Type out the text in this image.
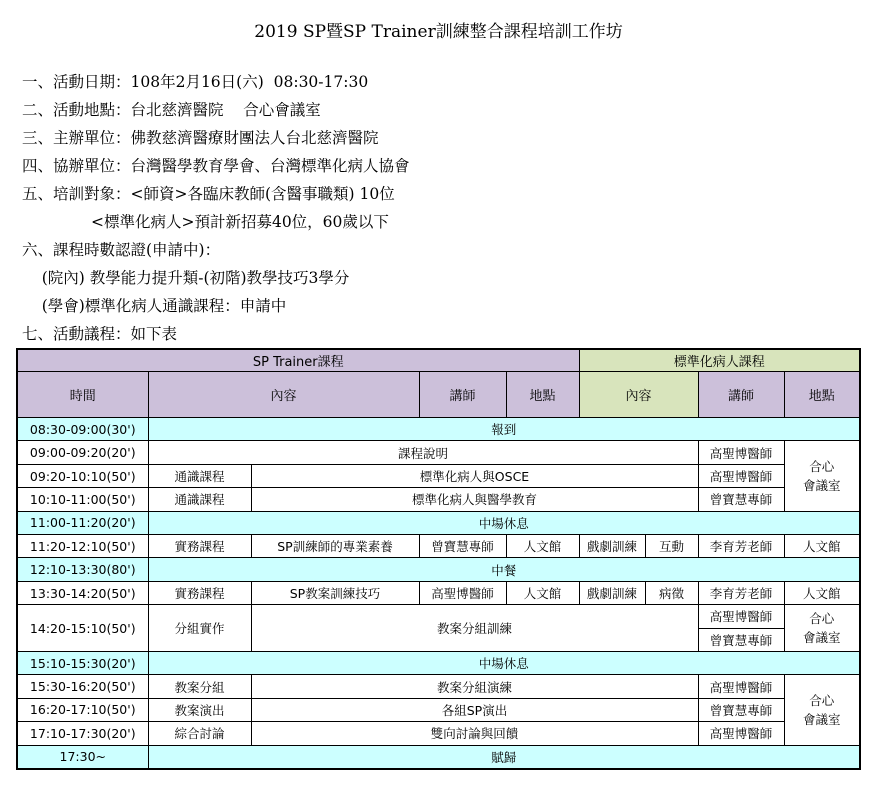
2019 SP暨SP Trainer訓練整合課程培訓工作坊
一、活動日期：108年2月16日(六)  08:30-17:30
二、活動地點：台北慈濟醫院    合心會議室
三、主辦單位：佛教慈濟醫療財團法人台北慈濟醫院
四、協辦單位：台灣醫學教育學會、台灣標準化病人協會
五、培訓對象：<師資>各臨床教師(含醫事職類) 10位
<標準化病人>預計新招募40位，60歲以下
六、課程時數認證(申請中)：
(院內) 教學能力提升類-(初階)教學技巧3學分
(學會)標準化病人通識課程：申請中
七、活動議程：如下表
SP Trainer課程					標準化病人課程			
時間	內容		講師	地點	內容		講師	地點
08:30-09:00(30')	報到							
09:00-09:20(20')	課程說明						高聖博醫師	合心
會議室
09:20-10:10(50')	通識課程	標準化病人與OSCE					高聖博醫師	
10:10-11:00(50')	通識課程	標準化病人與醫學教育					曾寶慧專師	
11:00-11:20(20')	中場休息							
11:20-12:10(50')	實務課程	SP訓練師的專業素養	曾寶慧專師	人文館	戲劇訓練	互動	李育芳老師	人文館
12:10-13:30(80')	中餐							
13:30-14:20(50')	實務課程	SP教案訓練技巧	高聖博醫師	人文館	戲劇訓練	病徵	李育芳老師	人文館
14:20-15:10(50')	分組實作	教案分組訓練					高聖博醫師	合心
會議室
							曾寶慧專師	
15:10-15:30(20')	中場休息							
15:30-16:20(50')	教案分組	教案分組演練					高聖博醫師	合心
會議室
16:20-17:10(50')	教案演出	各組SP演出					曾寶慧專師	
17:10-17:30(20')	綜合討論	雙向討論與回饋					高聖博醫師	
17:30~	賦歸							
